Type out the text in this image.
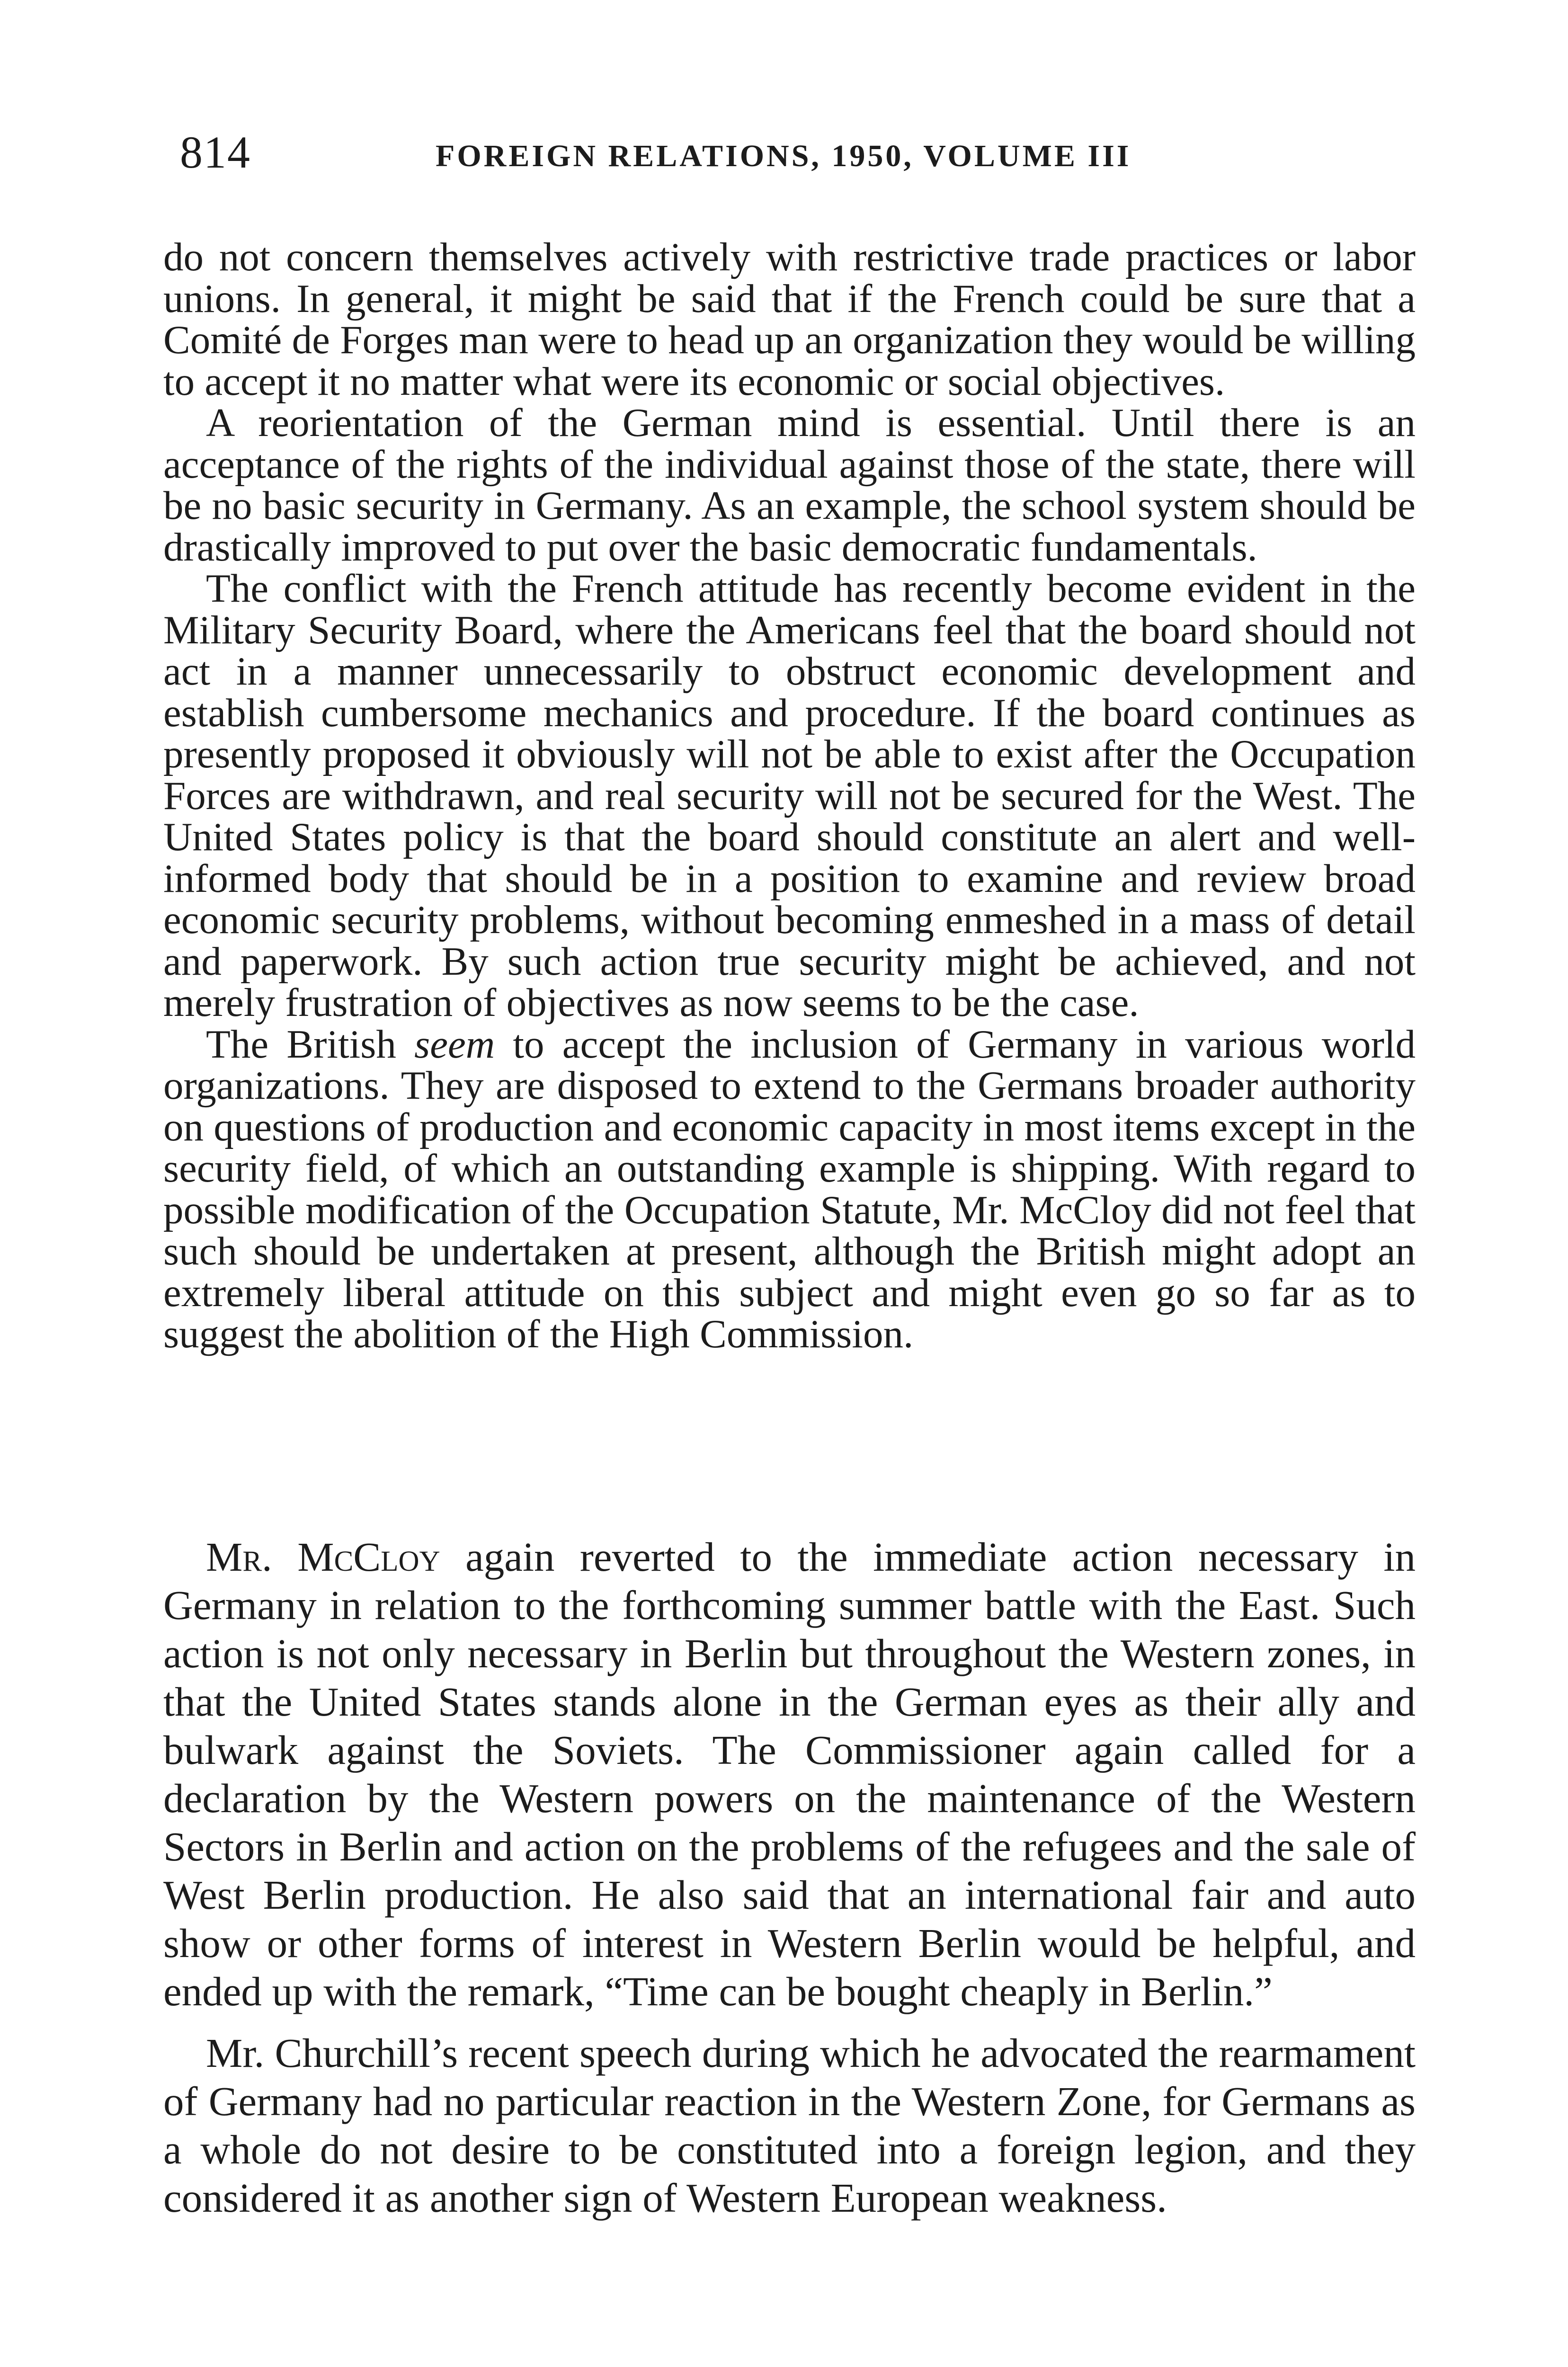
814	FOREIGN RELATIONS, 1950, VOLUME III

do not concern themselves actively with restrictive trade practices or labor unions. In general, it might be said that if the French could be sure that a Comité de Forges man were to head up an organization they would be willing to accept it no matter what were its economic or social objectives.

A reorientation of the German mind is essential. Until there is an acceptance of the rights of the individual against those of the state, there will be no basic security in Germany. As an example, the school system should be drastically improved to put over the basic democratic fundamentals.

The conflict with the French attitude has recently become evident in the Military Security Board, where the Americans feel that the board should not act in a manner unnecessarily to obstruct economic development and establish cumbersome mechanics and procedure. If the board continues as presently proposed it obviously will not be able to exist after the Occupation Forces are withdrawn, and real security will not be secured for the West. The United States policy is that the board should constitute an alert and well-informed body that should be in a position to examine and review broad economic security problems, without becoming enmeshed in a mass of detail and paperwork. By such action true security might be achieved, and not merely frustration of objectives as now seems to be the case.

The British seem to accept the inclusion of Germany in various world organizations. They are disposed to extend to the Germans broader authority on questions of production and economic capacity in most items except in the security field, of which an outstanding example is shipping. With regard to possible modification of the Occupation Statute, Mr. McCloy did not feel that such should be undertaken at present, although the British might adopt an extremely liberal attitude on this subject and might even go so far as to suggest the abolition of the High Commission.

Mr. McCloy again reverted to the immediate action necessary in Germany in relation to the forthcoming summer battle with the East. Such action is not only necessary in Berlin but throughout the Western zones, in that the United States stands alone in the German eyes as their ally and bulwark against the Soviets. The Commissioner again called for a declaration by the Western powers on the maintenance of the Western Sectors in Berlin and action on the problems of the refugees and the sale of West Berlin production. He also said that an international fair and auto show or other forms of interest in Western Berlin would be helpful, and ended up with the remark, “Time can be bought cheaply in Berlin.”

Mr. Churchill’s recent speech during which he advocated the rearmament of Germany had no particular reaction in the Western Zone, for Germans as a whole do not desire to be constituted into a foreign legion, and they considered it as another sign of Western European weakness.
